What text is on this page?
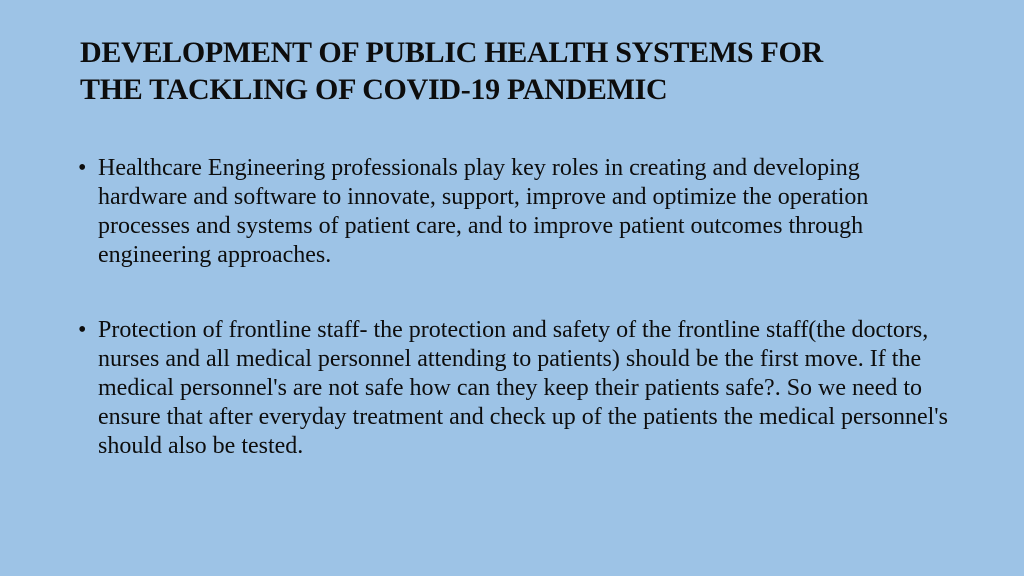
DEVELOPMENT OF PUBLIC HEALTH SYSTEMS FOR
THE TACKLING OF COVID-19 PANDEMIC
• Healthcare Engineering professionals play key roles in creating and developing hardware and software to innovate, support, improve and optimize the operation processes and systems of patient care, and to improve patient outcomes through engineering approaches.
• Protection of frontline staff- the protection and safety of the frontline staff(the doctors, nurses and all medical personnel attending to patients) should be the first move. If the medical personnel's are not safe how can they keep their patients safe?. So we need to ensure that after everyday treatment and check up of the patients the medical personnel's should also be tested.
